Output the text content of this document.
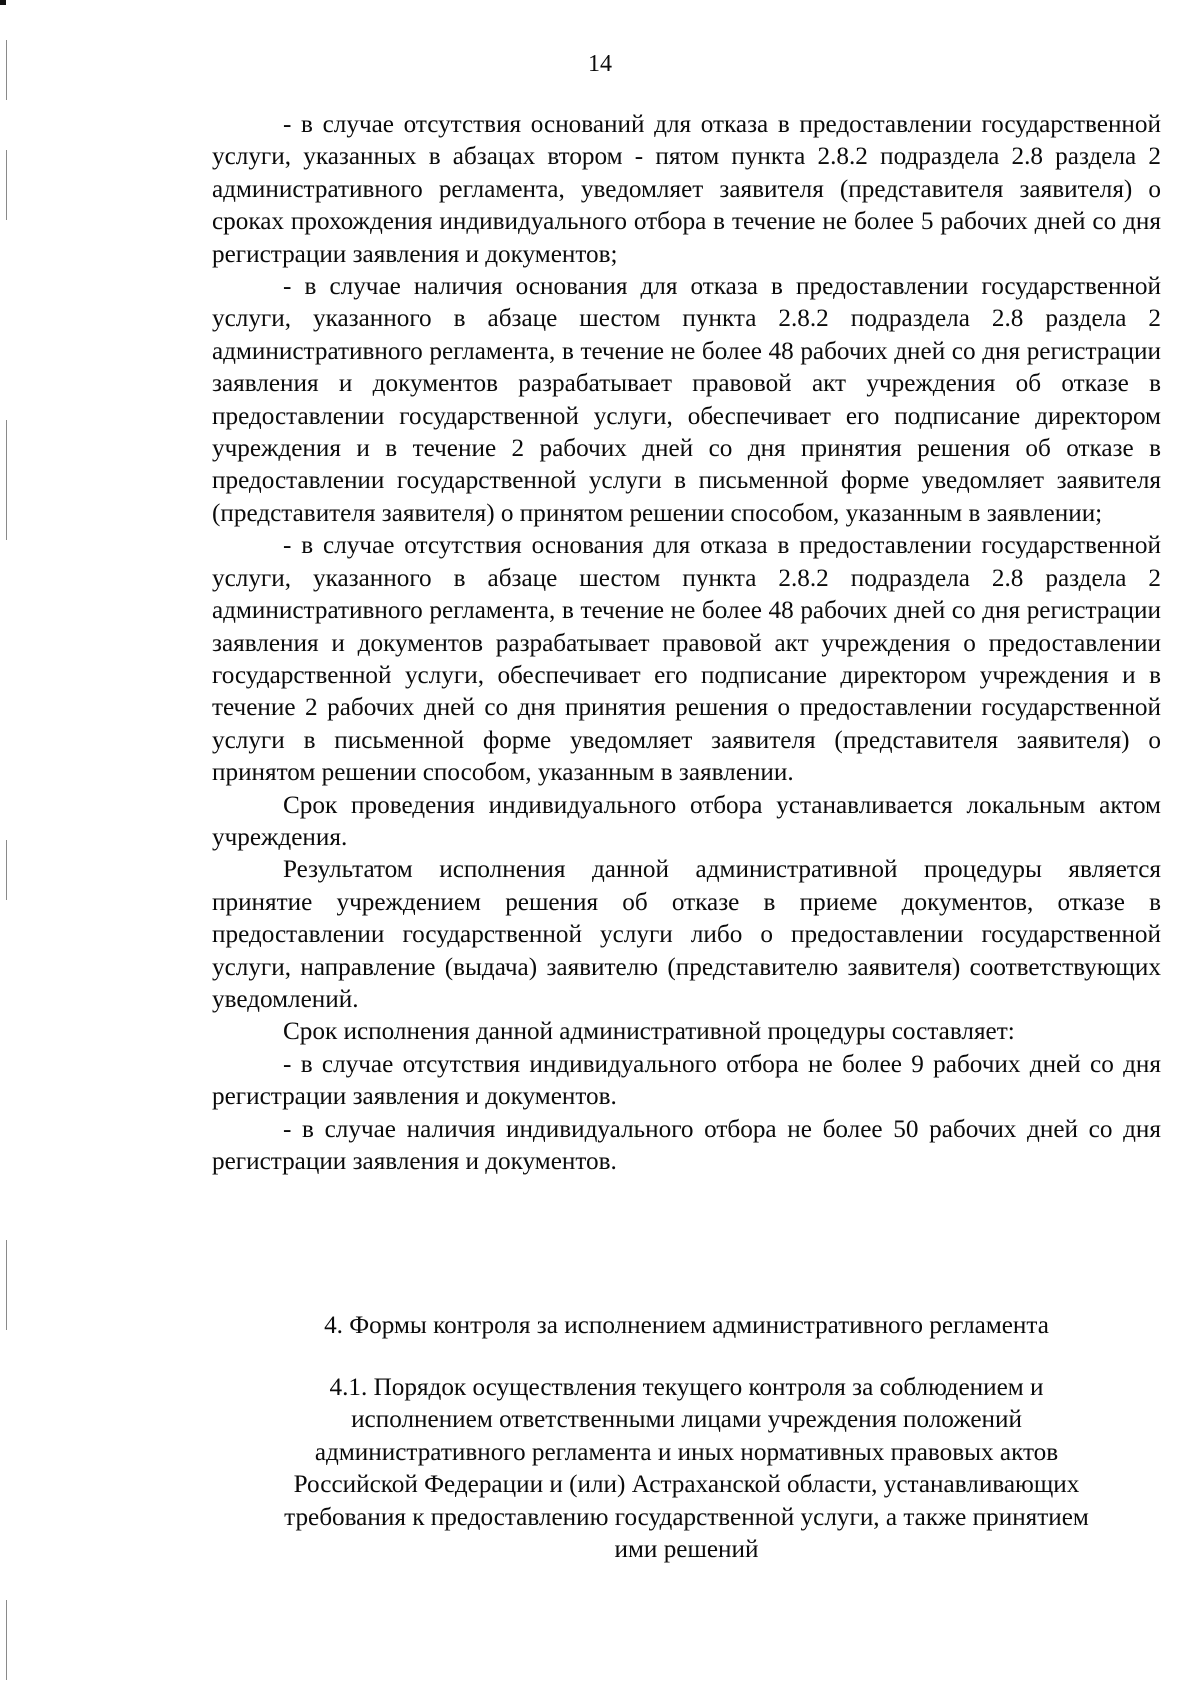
14

- в случае отсутствия оснований для отказа в предоставлении государственной услуги, указанных в абзацах втором - пятом пункта 2.8.2 подраздела 2.8 раздела 2 административного регламента, уведомляет заявителя (представителя заявителя) о сроках прохождения индивидуального отбора в течение не более 5 рабочих дней со дня регистрации заявления и документов;

- в случае наличия основания для отказа в предоставлении государственной услуги, указанного в абзаце шестом пункта 2.8.2 подраздела 2.8 раздела 2 административного регламента, в течение не более 48 рабочих дней со дня регистрации заявления и документов разрабатывает правовой акт учреждения об отказе в предоставлении государственной услуги, обеспечивает его подписание директором учреждения и в течение 2 рабочих дней со дня принятия решения об отказе в предоставлении государственной услуги в письменной форме уведомляет заявителя (представителя заявителя) о принятом решении способом, указанным в заявлении;

- в случае отсутствия основания для отказа в предоставлении государственной услуги, указанного в абзаце шестом пункта 2.8.2 подраздела 2.8 раздела 2 административного регламента, в течение не более 48 рабочих дней со дня регистрации заявления и документов разрабатывает правовой акт учреждения о предоставлении государственной услуги, обеспечивает его подписание директором учреждения и в течение 2 рабочих дней со дня принятия решения о предоставлении государственной услуги в письменной форме уведомляет заявителя (представителя заявителя) о принятом решении способом, указанным в заявлении.

Срок проведения индивидуального отбора устанавливается локальным актом учреждения.

Результатом исполнения данной административной процедуры является принятие учреждением решения об отказе в приеме документов, отказе в предоставлении государственной услуги либо о предоставлении государственной услуги, направление (выдача) заявителю (представителю заявителя) соответствующих уведомлений.

Срок исполнения данной административной процедуры составляет:

- в случае отсутствия индивидуального отбора не более 9 рабочих дней со дня регистрации заявления и документов.

- в случае наличия индивидуального отбора не более 50 рабочих дней со дня регистрации заявления и документов.

4. Формы контроля за исполнением административного регламента
4.1. Порядок осуществления текущего контроля за соблюдением и
исполнением ответственными лицами учреждения положений
административного регламента и иных нормативных правовых актов
Российской Федерации и (или) Астраханской области, устанавливающих
требования к предоставлению государственной услуги, а также принятием
ими решений
